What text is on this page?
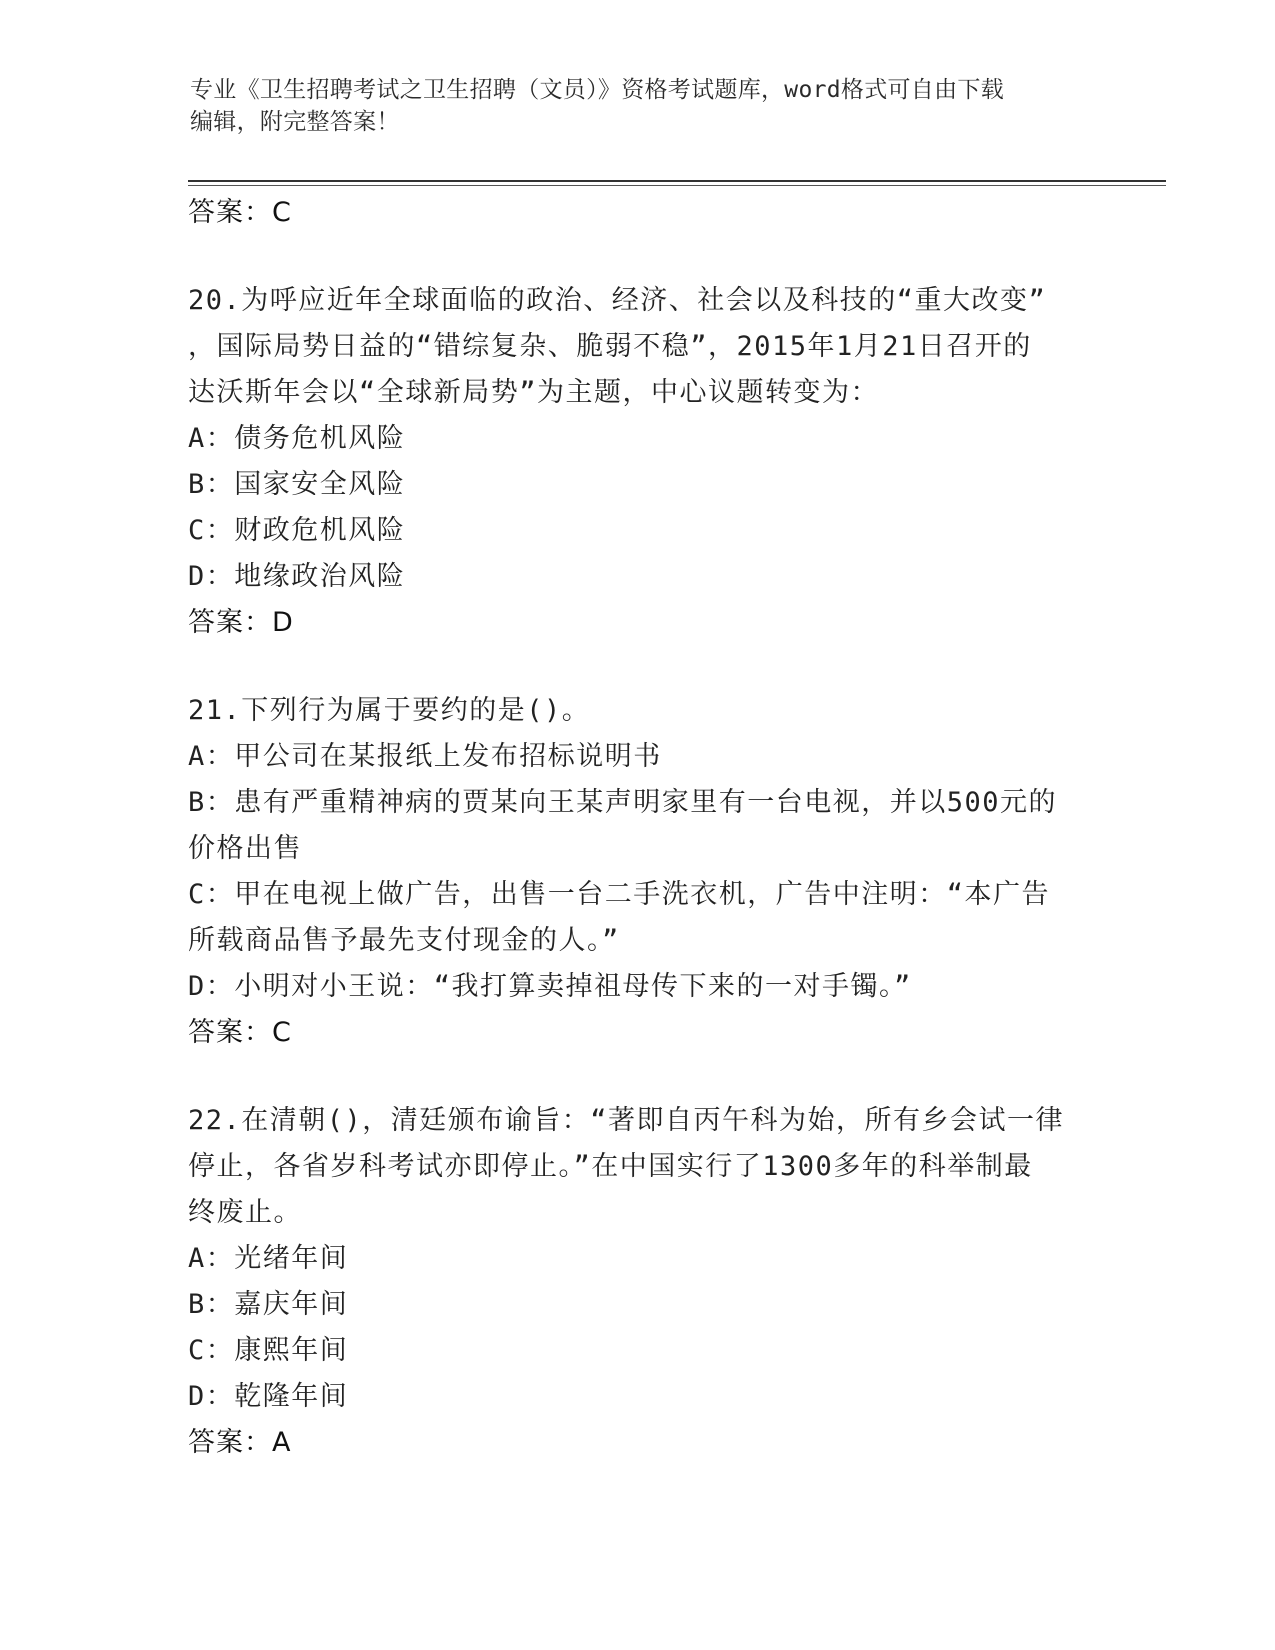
专业《卫生招聘考试之卫生招聘（文员）》资格考试题库，word格式可自由下载
编辑，附完整答案！
答案：C
20.为呼应近年全球面临的政治、经济、社会以及科技的“重大改变”
，国际局势日益的“错综复杂、脆弱不稳”，2015年1月21日召开的
达沃斯年会以“全球新局势”为主题，中心议题转变为：
A：债务危机风险
B：国家安全风险
C：财政危机风险
D：地缘政治风险
答案：D
21.下列行为属于要约的是()。
A：甲公司在某报纸上发布招标说明书
B：患有严重精神病的贾某向王某声明家里有一台电视，并以500元的
价格出售
C：甲在电视上做广告，出售一台二手洗衣机，广告中注明：“本广告
所载商品售予最先支付现金的人。”
D：小明对小王说：“我打算卖掉祖母传下来的一对手镯。”
答案：C
22.在清朝()，清廷颁布谕旨：“著即自丙午科为始，所有乡会试一律
停止，各省岁科考试亦即停止。”在中国实行了1300多年的科举制最
终废止。
A：光绪年间
B：嘉庆年间
C：康熙年间
D：乾隆年间
答案：A
